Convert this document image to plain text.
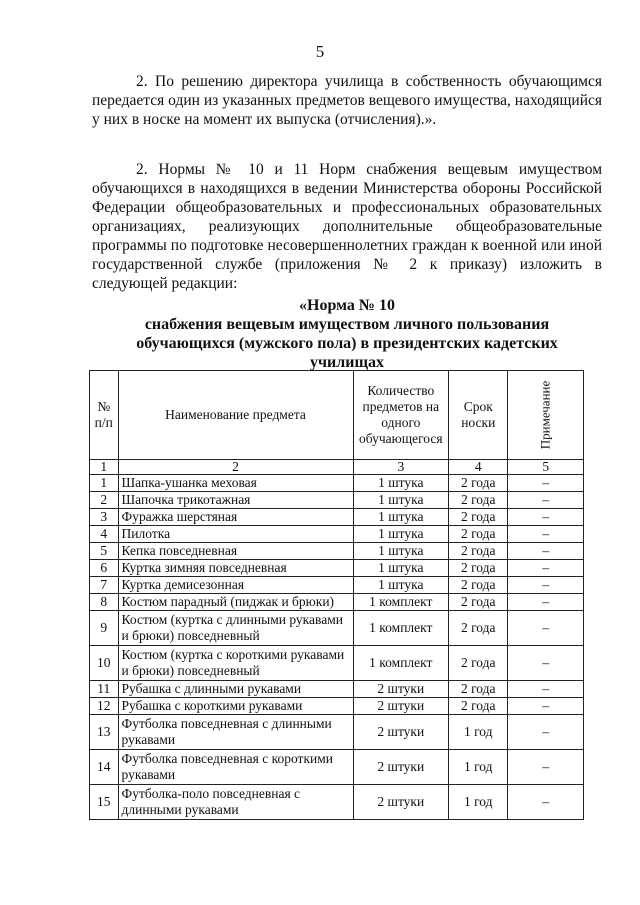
5

2. По решению директора училища в собственность обучающимся передается один из указанных предметов вещевого имущества, находящийся у них в носке на момент их выпуска (отчисления).».

2. Нормы № 10 и 11 Норм снабжения вещевым имуществом обучающихся в находящихся в ведении Министерства обороны Российской Федерации общеобразовательных и профессиональных образовательных организациях, реализующих дополнительные общеобразовательные программы по подготовке несовершеннолетних граждан к военной или иной государственной службе (приложения № 2 к приказу) изложить в следующей редакции:

«Норма № 10
снабжения вещевым имуществом личного пользования
обучающихся (мужского пола) в президентских кадетских
училищах
№ п/п	Наименование предмета	Количество предметов на одного обучающегося	Срок носки	Примечание
1	2	3	4	5
1	Шапка-ушанка меховая	1 штука	2 года	–
2	Шапочка трикотажная	1 штука	2 года	–
3	Фуражка шерстяная	1 штука	2 года	–
4	Пилотка	1 штука	2 года	–
5	Кепка повседневная	1 штука	2 года	–
6	Куртка зимняя повседневная	1 штука	2 года	–
7	Куртка демисезонная	1 штука	2 года	–
8	Костюм парадный (пиджак и брюки)	1 комплект	2 года	–
9	Костюм (куртка с длинными рукавами и брюки) повседневный	1 комплект	2 года	–
10	Костюм (куртка с короткими рукавами и брюки) повседневный	1 комплект	2 года	–
11	Рубашка с длинными рукавами	2 штуки	2 года	–
12	Рубашка с короткими рукавами	2 штуки	2 года	–
13	Футболка повседневная с длинными рукавами	2 штуки	1 год	–
14	Футболка повседневная с короткими рукавами	2 штуки	1 год	–
15	Футболка-поло повседневная с длинными рукавами	2 штуки	1 год	–
